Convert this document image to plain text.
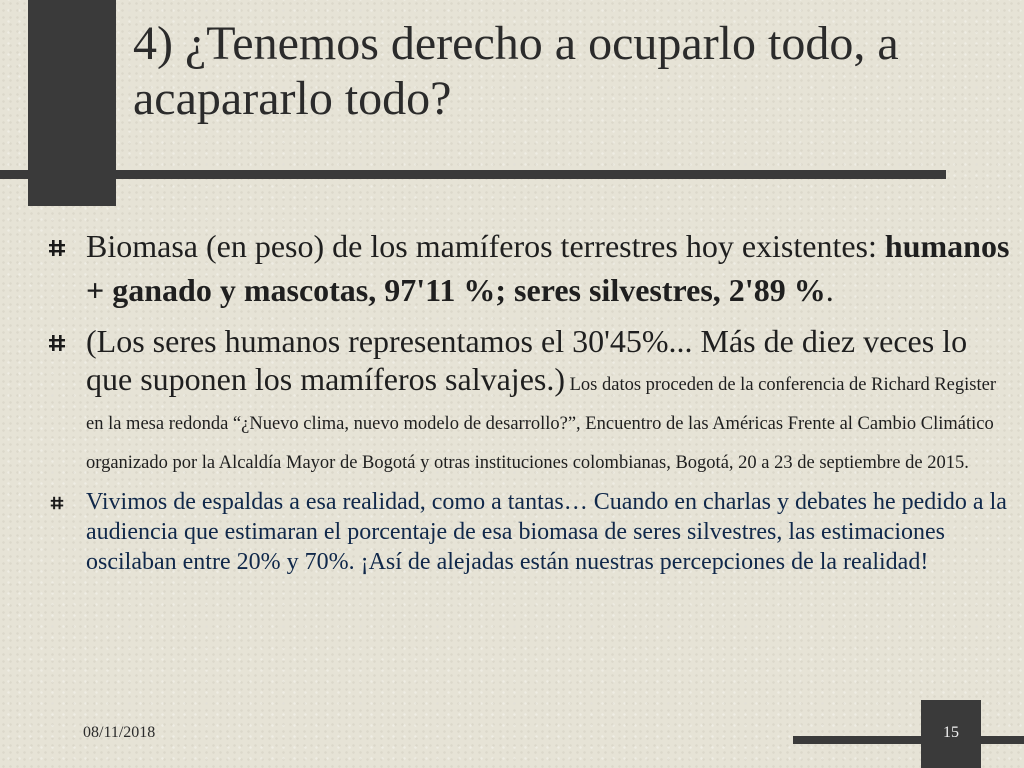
4) ¿Tenemos derecho a ocuparlo todo, a acapararlo todo?
Biomasa (en peso) de los mamíferos terrestres hoy existentes: humanos + ganado y mascotas, 97'11 %; seres silvestres, 2'89 %.
(Los seres humanos representamos el 30'45%... Más de diez veces lo que suponen los mamíferos salvajes.) Los datos proceden de la conferencia de Richard Register en la mesa redonda “¿Nuevo clima, nuevo modelo de desarrollo?”, Encuentro de las Américas Frente al Cambio Climático organizado por la Alcaldía Mayor de Bogotá y otras instituciones colombianas, Bogotá, 20 a 23 de septiembre de 2015.
Vivimos de espaldas a esa realidad, como a tantas… Cuando en charlas y debates he pedido a la audiencia que estimaran el porcentaje de esa biomasa de seres silvestres, las estimaciones oscilaban entre 20% y 70%. ¡Así de alejadas están nuestras percepciones de la realidad!
08/11/2018	15
